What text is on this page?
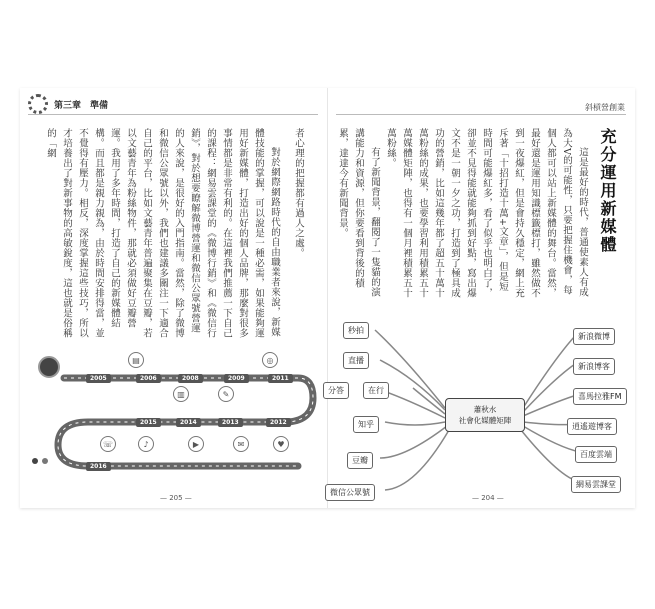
第三章　準備	斜槓營創業

者心理的把握都有過人之處。

對於網際網路時代的自由職業者來說，新媒體技能的掌握，可以說是一種必需，如果能夠運用好新媒體，打造出好的個人品牌，那麼對很多事情都是非常有利的。在這裡我們推薦一下自己的課程：網易雲課堂的《微博行銷》和《微信行銷》，對於想要瞭解微博營運和微信公眾號營運的人來說，是很好的入門指南。當然，除了微博和微信公眾號以外，我們也建議多關注一下適合自己的平台，比如文藝青年普遍聚集在豆瓣，若以文藝青年為粉絲物件，那就必須做好豆瓣營運。我用了多年時間，打造了自己的新媒體結構。而且都是親力親為，由於時間安排得當，並不覺得有壓力。相反，深度掌握這些技巧，所以才培養出了對新事物的高敏銳度，這也就是俗稱的「網

2005	2006	2008	2009	2011
2016
2015	2014	2013	2012
▤
▥	✎
◎
☏	♪	▶	✉	♥
— 205 —
充分運用新媒體

這是最好的時代，普通使素人有成為大V的可能性，只要把握住機會，每個人都可以站上新媒體的舞台。當然，最好還是運用知識標籤標打，雖然做不到一夜爆紅，但是會持久穩定，網上充斥著「十招打造十萬+文章」，但是短時間可能爆紅多，看了似乎也明白了，卻並不見得能就能夠抓到好點，寫出爆文不是一朝一夕之功，打造到了極具成功的營銷，比如這幾年都了超五十萬十萬粉絲的成果，也要學習利用積累五十萬媒體矩陣，也得有一個月裡積累五十萬粉絲。

有了新聞背景，翻閱了一隻貓的演講能力和資源，但你要看到背後的積累，達達今有新聞背景。

蕭秋水
社會化媒體矩陣
秒拍
直播
分答	在行
知乎
豆瓣
微信公眾號
新浪微博
新浪博客
喜馬拉雅FM
逍遙遊博客
百度雲端
網易雲課堂
— 204 —
